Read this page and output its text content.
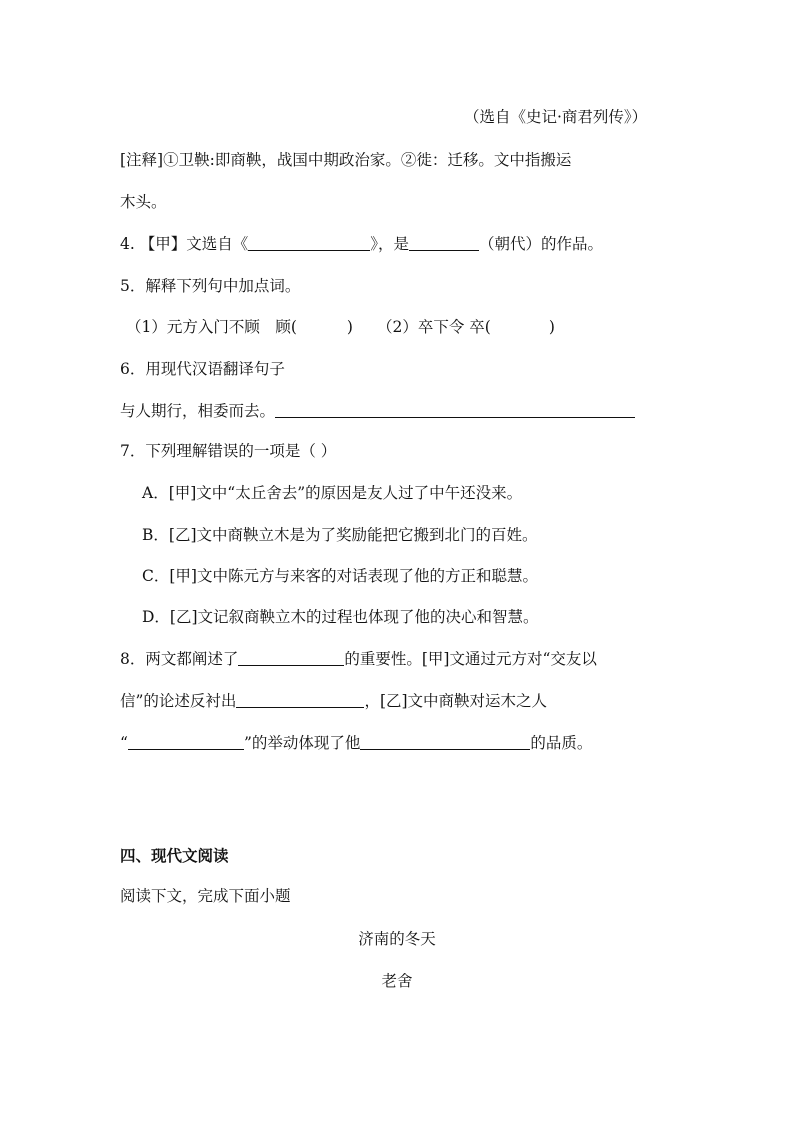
（选自《史记·商君列传》）
[注释]①卫鞅:即商鞅，战国中期政治家。②徙：迁移。文中指搬运
木头。
4. 【甲】文选自《	》，是	（朝代）的作品。
5．解释下列句中加点词。
（1）元方入门不顾　顾(	) （2）卒下令 卒(	)
6．用现代汉语翻译句子
与人期行，相委而去。
7．下列理解错误的一项是（ ）
A．[甲]文中“太丘舍去”的原因是友人过了中午还没来。
B．[乙]文中商鞅立木是为了奖励能把它搬到北门的百姓。
C．[甲]文中陈元方与来客的对话表现了他的方正和聪慧。
D．[乙]文记叙商鞅立木的过程也体现了他的决心和智慧。
8．两文都阐述了	的重要性。[甲]文通过元方对“交友以
信”的论述反衬出	，[乙]文中商鞅对运木之人
“	”的举动体现了他	的品质。
四、现代文阅读
阅读下文，完成下面小题
济南的冬天
老舍
